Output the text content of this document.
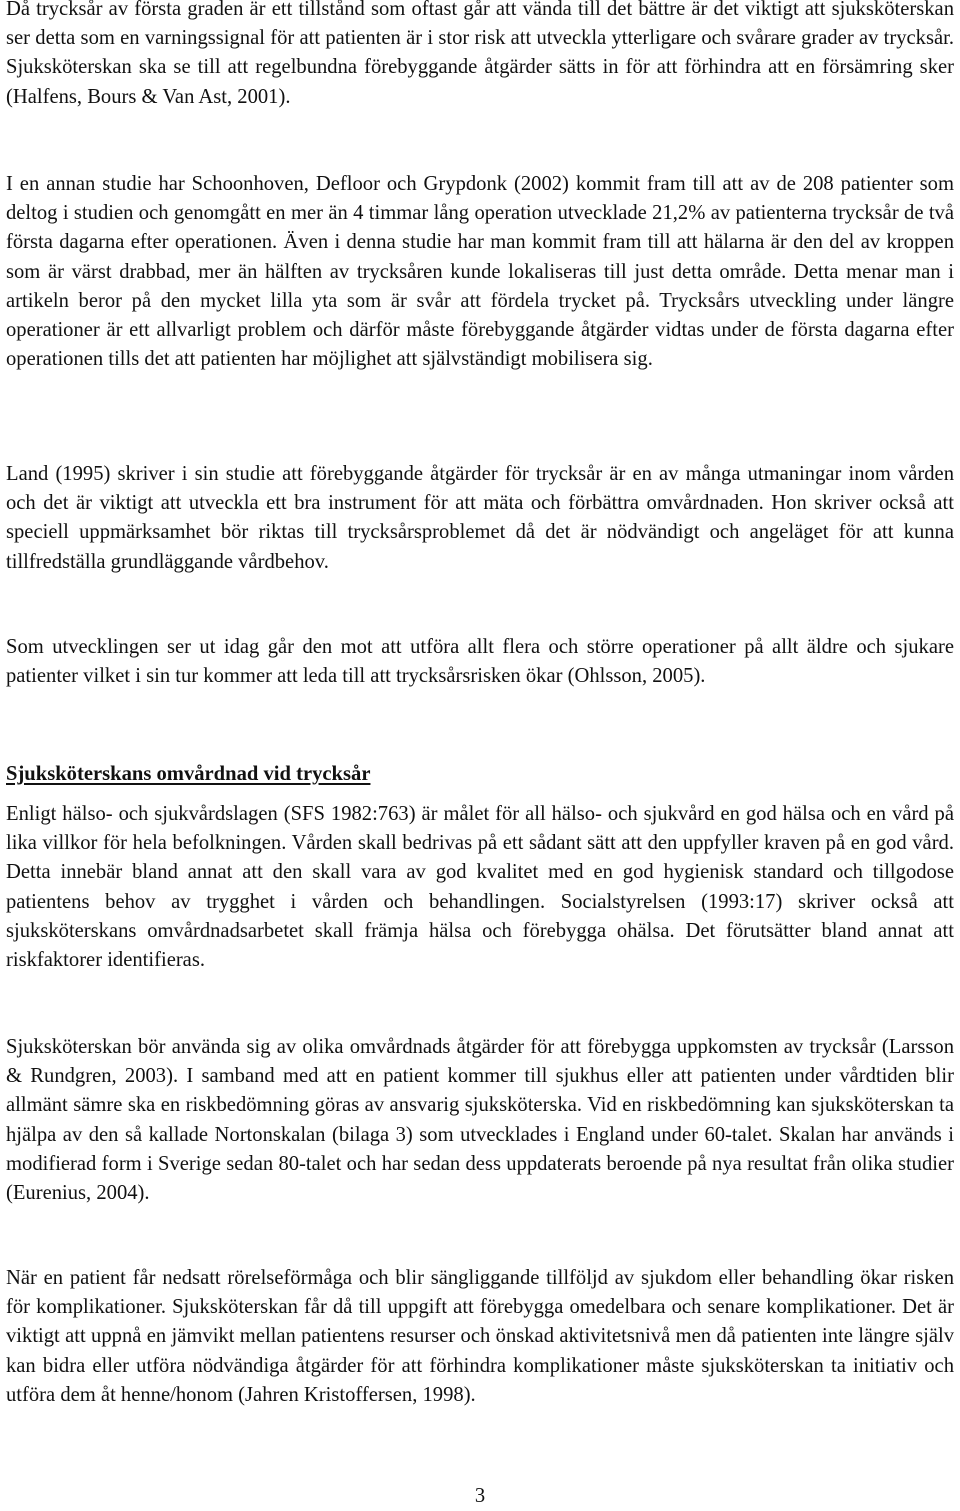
Då trycksår av första graden är ett tillstånd som oftast går att vända till det bättre är det viktigt att sjuksköterskan ser detta som en varningssignal för att patienten är i stor risk att utveckla ytterligare och svårare grader av trycksår. Sjuksköterskan ska se till att regelbundna förebyggande åtgärder sätts in för att förhindra att en försämring sker (Halfens, Bours & Van Ast, 2001).

I en annan studie har Schoonhoven, Defloor och Grypdonk (2002) kommit fram till att av de 208 patienter som deltog i studien och genomgått en mer än 4 timmar lång operation utvecklade 21,2% av patienterna trycksår de två första dagarna efter operationen. Även i denna studie har man kommit fram till att hälarna är den del av kroppen som är värst drabbad, mer än hälften av trycksåren kunde lokaliseras till just detta område. Detta menar man i artikeln beror på den mycket lilla yta som är svår att fördela trycket på. Trycksårs utveckling under längre operationer är ett allvarligt problem och därför måste förebyggande åtgärder vidtas under de första dagarna efter operationen tills det att patienten har möjlighet att självständigt mobilisera sig.

Land (1995) skriver i sin studie att förebyggande åtgärder för trycksår är en av många utmaningar inom vården och det är viktigt att utveckla ett bra instrument för att mäta och förbättra omvårdnaden. Hon skriver också att speciell uppmärksamhet bör riktas till trycksårsproblemet då det är nödvändigt och angeläget för att kunna tillfredställa grundläggande vårdbehov.

Som utvecklingen ser ut idag går den mot att utföra allt flera och större operationer på allt äldre och sjukare patienter vilket i sin tur kommer att leda till att trycksårsrisken ökar (Ohlsson, 2005).

Sjuksköterskans omvårdnad vid trycksår

Enligt hälso- och sjukvårdslagen (SFS 1982:763) är målet för all hälso- och sjukvård en god hälsa och en vård på lika villkor för hela befolkningen. Vården skall bedrivas på ett sådant sätt att den uppfyller kraven på en god vård. Detta innebär bland annat att den skall vara av god kvalitet med en god hygienisk standard och tillgodose patientens behov av trygghet i vården och behandlingen. Socialstyrelsen (1993:17) skriver också att sjuksköterskans omvårdnadsarbetet skall främja hälsa och förebygga ohälsa. Det förutsätter bland annat att riskfaktorer identifieras.

Sjuksköterskan bör använda sig av olika omvårdnads åtgärder för att förebygga uppkomsten av trycksår (Larsson & Rundgren, 2003). I samband med att en patient kommer till sjukhus eller att patienten under vårdtiden blir allmänt sämre ska en riskbedömning göras av ansvarig sjuksköterska. Vid en riskbedömning kan sjuksköterskan ta hjälpa av den så kallade Nortonskalan (bilaga 3) som utvecklades i England under 60-talet. Skalan har används i modifierad form i Sverige sedan 80-talet och har sedan dess uppdaterats beroende på nya resultat från olika studier (Eurenius, 2004).

När en patient får nedsatt rörelseförmåga och blir sängliggande tillföljd av sjukdom eller behandling ökar risken för komplikationer. Sjuksköterskan får då till uppgift att förebygga omedelbara och senare komplikationer. Det är viktigt att uppnå en jämvikt mellan patientens resurser och önskad aktivitetsnivå men då patienten inte längre själv kan bidra eller utföra nödvändiga åtgärder för att förhindra komplikationer måste sjuksköterskan ta initiativ och utföra dem åt henne/honom (Jahren Kristoffersen, 1998).

3
